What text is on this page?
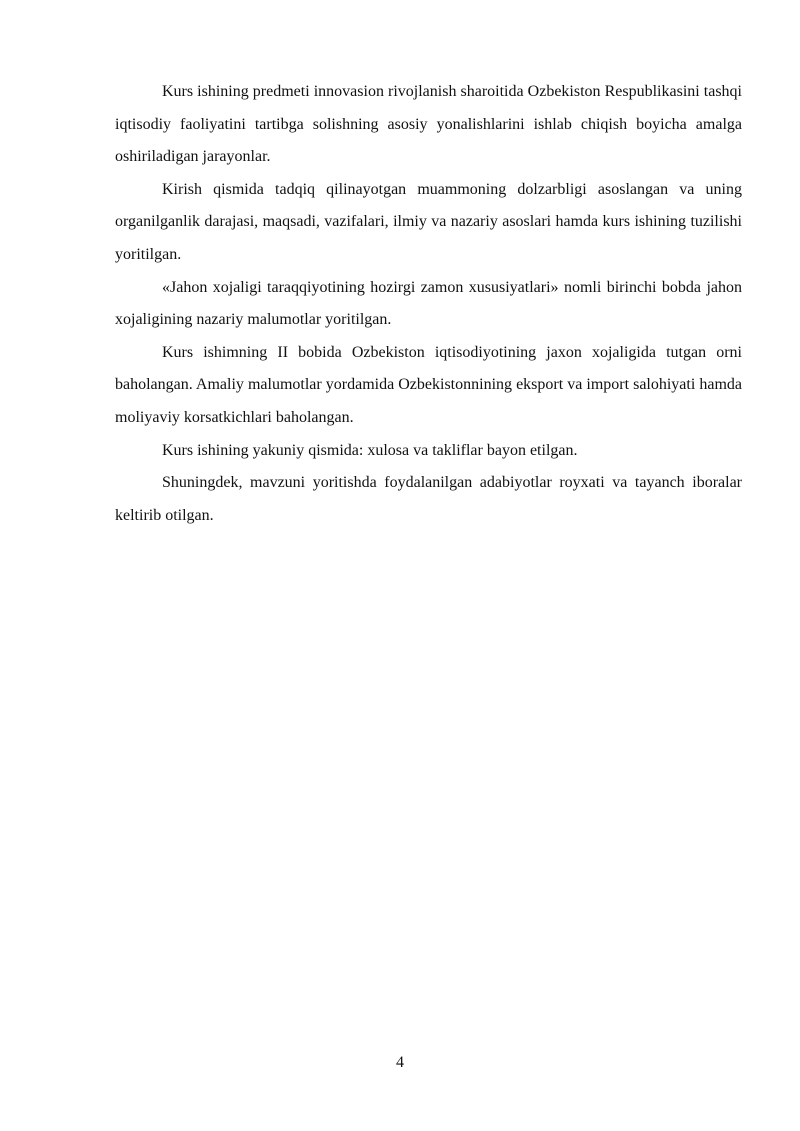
Kurs ishining predmeti innovasion rivojlanish sharoitida Ozbekiston Respublikasini tashqi iqtisodiy faoliyatini tartibga solishning asosiy yonalishlarini ishlab chiqish boyicha amalga oshiriladigan jarayonlar.

Kirish qismida tadqiq qilinayotgan muammoning dolzarbligi asoslangan va uning organilganlik darajasi, maqsadi, vazifalari, ilmiy va nazariy asoslari hamda kurs ishining tuzilishi yoritilgan.

«Jahon xojaligi taraqqiyotining hozirgi zamon xususiyatlari» nomli birinchi bobda jahon xojaligining nazariy malumotlar yoritilgan.

Kurs ishimning II bobida Ozbekiston iqtisodiyotining jaxon xojaligida tutgan orni baholangan. Amaliy malumotlar yordamida Ozbekistonnining eksport va import salohiyati hamda moliyaviy korsatkichlari baholangan.

Kurs ishining yakuniy qismida: xulosa va takliflar bayon etilgan.

Shuningdek, mavzuni yoritishda foydalanilgan adabiyotlar royxati va tayanch iboralar keltirib otilgan.

4
